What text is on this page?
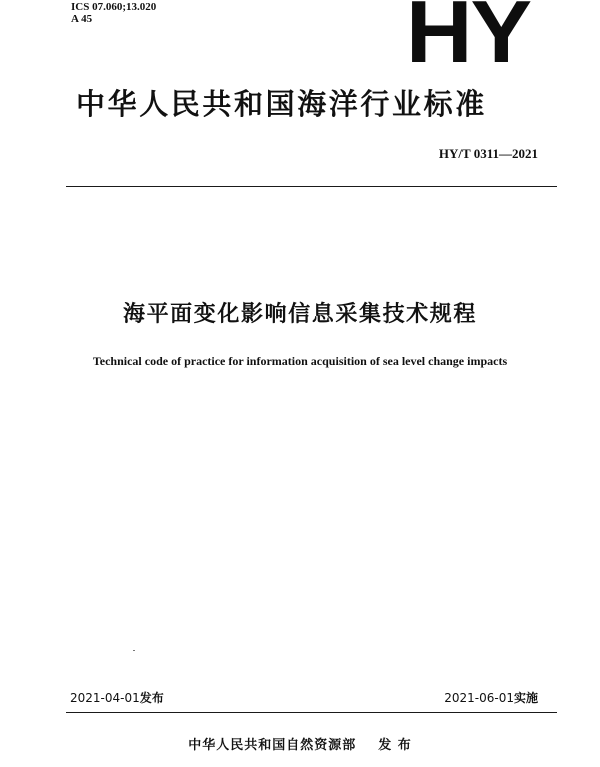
ICS 07.060;13.020
A 45	HY
中华人民共和国海洋行业标准
HY/T 0311—2021
海平面变化影响信息采集技术规程
Technical code of practice for information acquisition of sea level change impacts
2021-04-01发布	2021-06-01实施
中华人民共和国自然资源部 发 布
